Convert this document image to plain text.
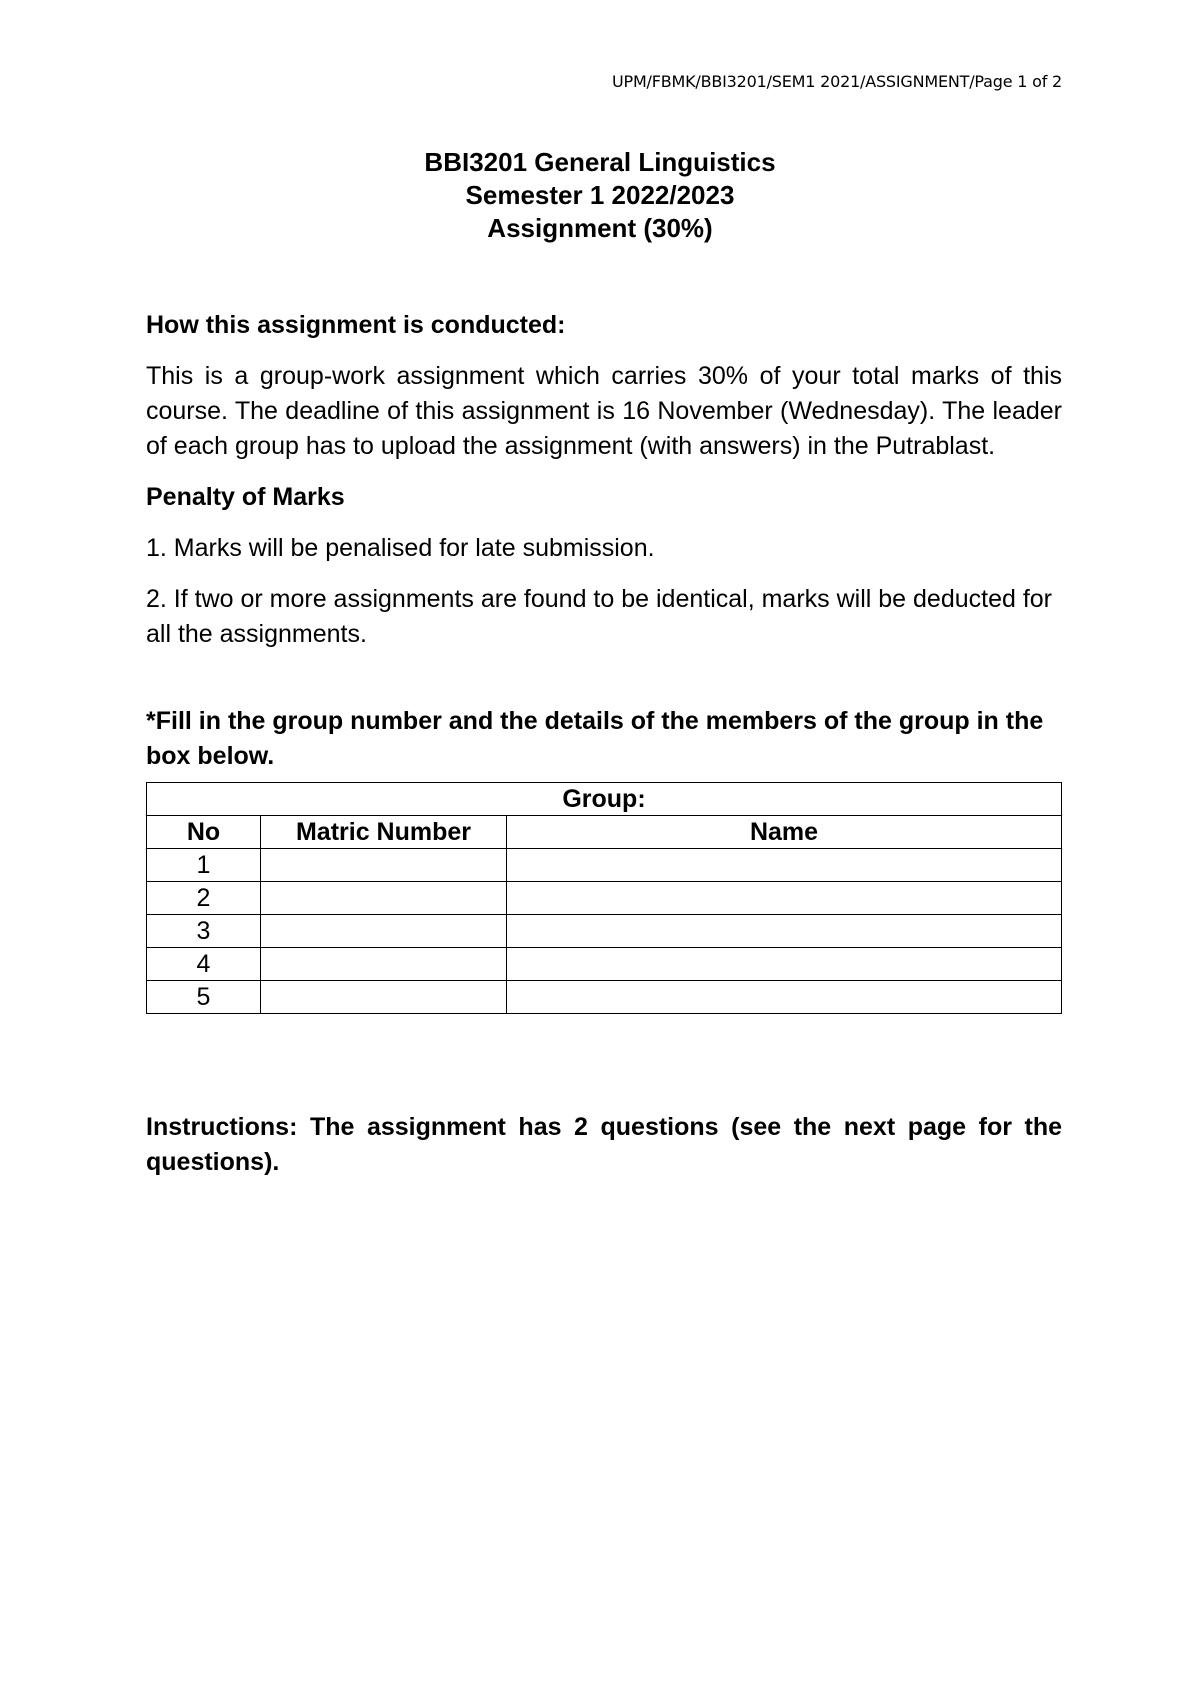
UPM/FBMK/BBI3201/SEM1 2021/ASSIGNMENT/Page 1 of 2
BBI3201 General Linguistics
Semester 1 2022/2023
Assignment (30%)
How this assignment is conducted:

This is a group-work assignment which carries 30% of your total marks of this course. The deadline of this assignment is 16 November (Wednesday). The leader of each group has to upload the assignment (with answers) in the Putrablast.

Penalty of Marks

1. Marks will be penalised for late submission.

2. If two or more assignments are found to be identical, marks will be deducted for all the assignments.

*Fill in the group number and the details of the members of the group in the box below.

Group:		
No	Matric Number	Name
1		
2		
3		
4		
5		

Instructions: The assignment has 2 questions (see the next page for the questions).
